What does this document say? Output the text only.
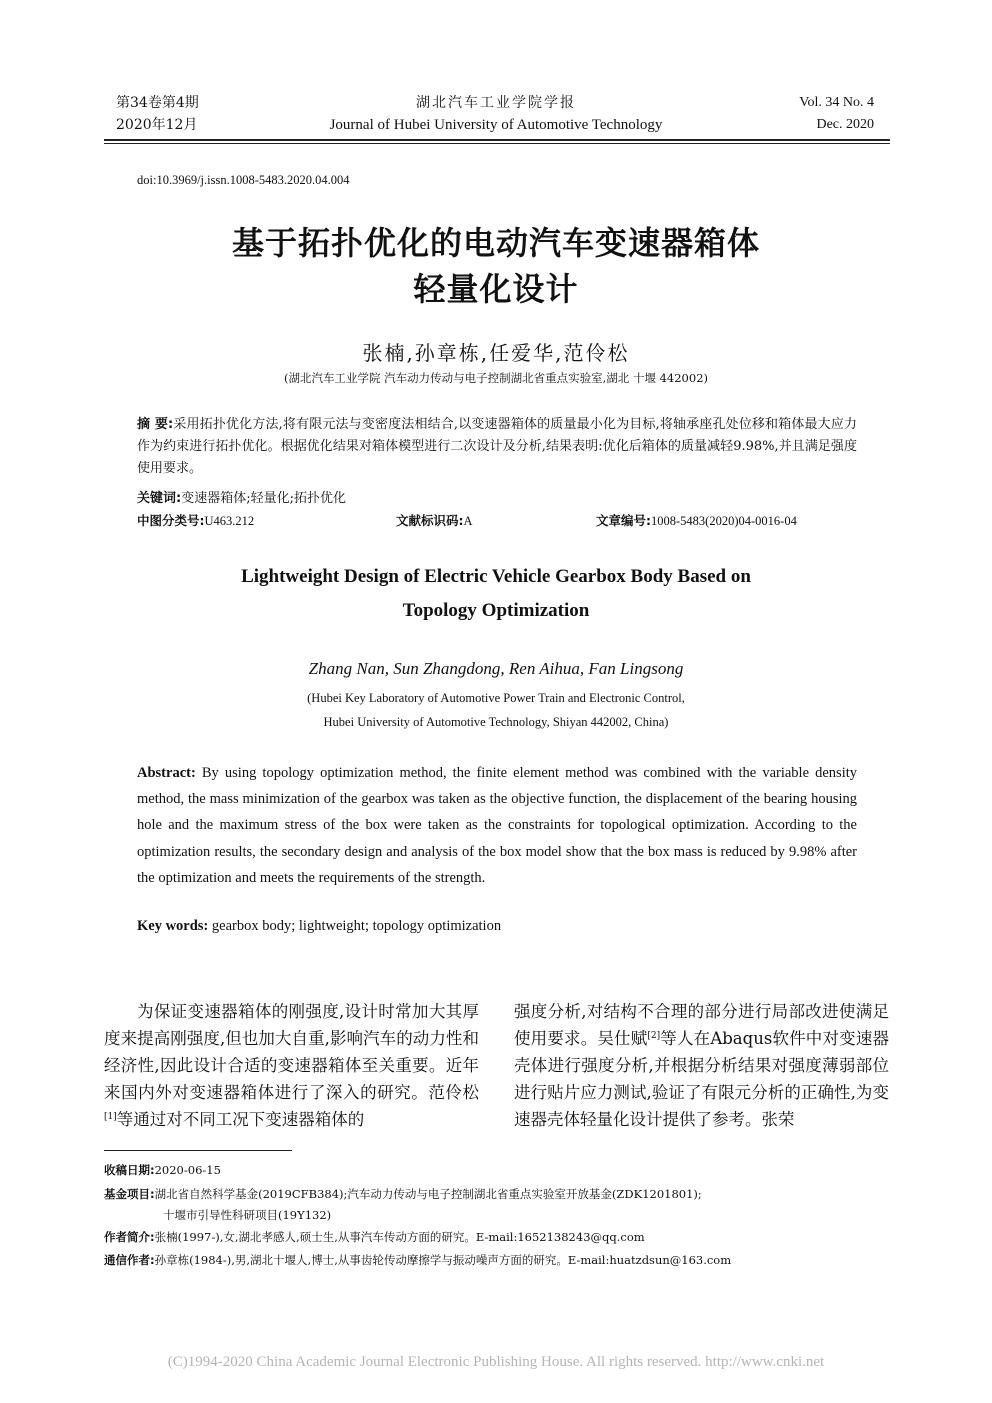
第34卷第4期
2020年12月
湖北汽车工业学院学报
Journal of Hubei University of Automotive Technology
Vol. 34 No. 4
Dec. 2020
doi:10.3969/j.issn.1008-5483.2020.04.004
基于拓扑优化的电动汽车变速器箱体
轻量化设计
张楠,孙章栋,任爱华,范伶松
(湖北汽车工业学院 汽车动力传动与电子控制湖北省重点实验室,湖北 十堰 442002)
摘 要:采用拓扑优化方法,将有限元法与变密度法相结合,以变速器箱体的质量最小化为目标,将轴承座孔处位移和箱体最大应力作为约束进行拓扑优化。根据优化结果对箱体模型进行二次设计及分析,结果表明:优化后箱体的质量减轻9.98%,并且满足强度使用要求。
关键词:变速器箱体;轻量化;拓扑优化
中图分类号:U463.212	文献标识码:A	文章编号:1008-5483(2020)04-0016-04
Lightweight Design of Electric Vehicle Gearbox Body Based on
Topology Optimization
Zhang Nan, Sun Zhangdong, Ren Aihua, Fan Lingsong
(Hubei Key Laboratory of Automotive Power Train and Electronic Control,
Hubei University of Automotive Technology, Shiyan 442002, China)
Abstract: By using topology optimization method, the finite element method was combined with the variable density method, the mass minimization of the gearbox was taken as the objective function, the displacement of the bearing housing hole and the maximum stress of the box were taken as the constraints for topological optimization. According to the optimization results, the secondary design and analysis of the box model show that the box mass is reduced by 9.98% after the optimization and meets the requirements of the strength.
Key words: gearbox body; lightweight; topology optimization
为保证变速器箱体的刚强度,设计时常加大其厚度来提高刚强度,但也加大自重,影响汽车的动力性和经济性,因此设计合适的变速器箱体至关重要。近年来国内外对变速器箱体进行了深入的研究。范伶松[1]等通过对不同工况下变速器箱体的
强度分析,对结构不合理的部分进行局部改进使满足使用要求。吴仕赋[2]等人在Abaqus软件中对变速器壳体进行强度分析,并根据分析结果对强度薄弱部位进行贴片应力测试,验证了有限元分析的正确性,为变速器壳体轻量化设计提供了参考。张荣
收稿日期:2020-06-15
基金项目:湖北省自然科学基金(2019CFB384);汽车动力传动与电子控制湖北省重点实验室开放基金(ZDK1201801);
十堰市引导性科研项目(19Y132)
作者简介:张楠(1997-),女,湖北孝感人,硕士生,从事汽车传动方面的研究。E-mail:1652138243@qq.com
通信作者:孙章栋(1984-),男,湖北十堰人,博士,从事齿轮传动摩擦学与振动噪声方面的研究。E-mail:huatzdsun@163.com
(C)1994-2020 China Academic Journal Electronic Publishing House. All rights reserved. http://www.cnki.net
